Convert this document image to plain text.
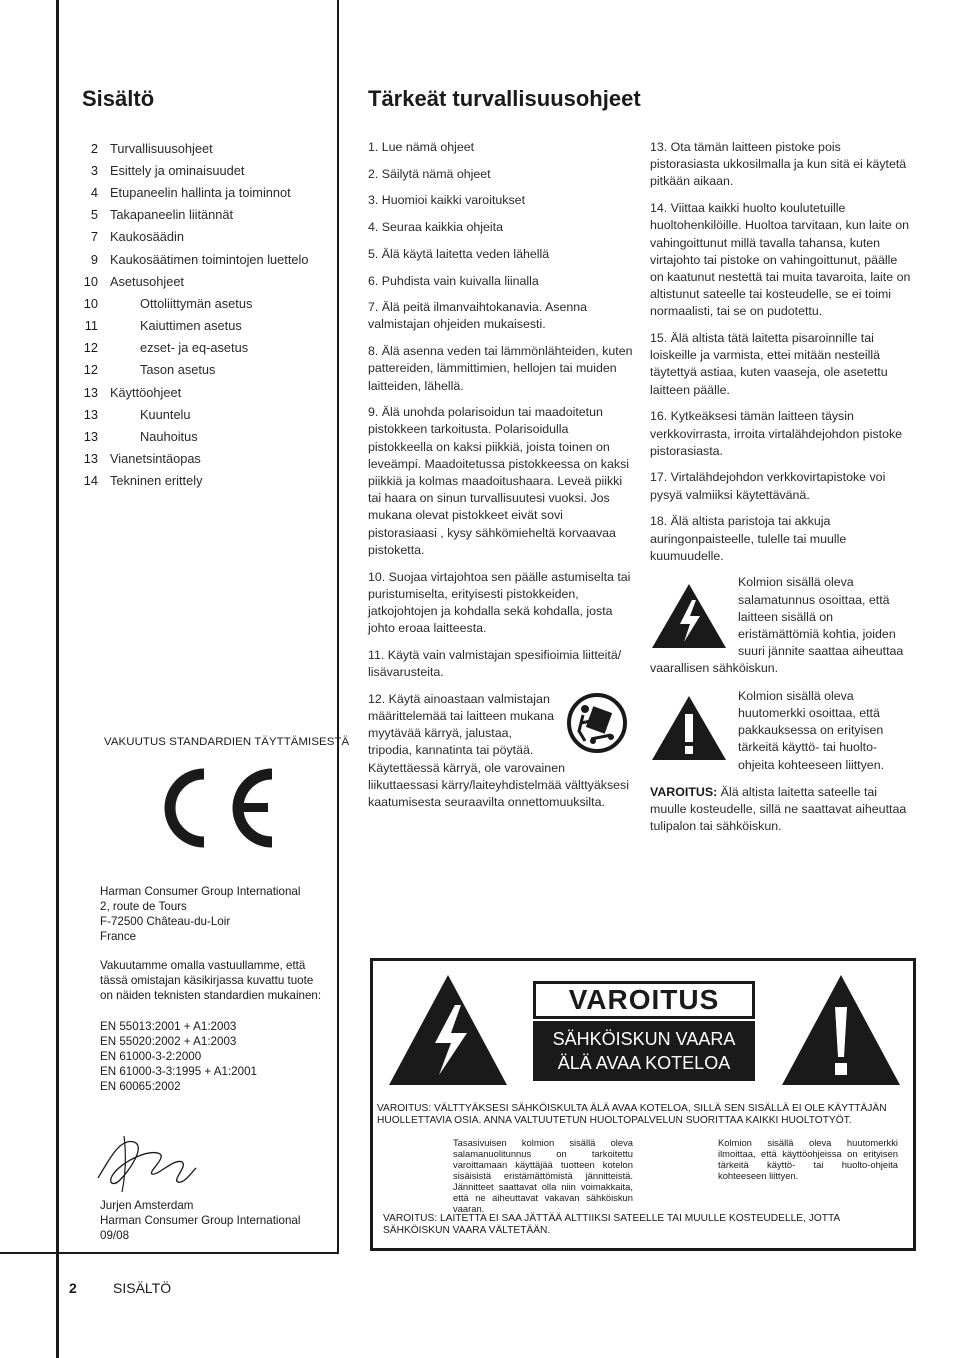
Sisältö	Tärkeät turvallisuusohjeet
2 Turvallisuusohjeet
3 Esittely ja ominaisuudet
4 Etupaneelin hallinta ja toiminnot
5 Takapaneelin liitännät
7 Kaukosäädin
9 Kaukosäätimen toimintojen luettelo
10 Asetusohjeet
10	Ottoliittymän asetus
11	Kaiuttimen asetus
12	ezset- ja eq-asetus
12	Tason asetus
13 Käyttöohjeet
13	Kuuntelu
13	Nauhoitus
13 Vianetsintäopas
14 Tekninen erittely
VAKUUTUS STANDARDIEN TÄYTTÄMISESTÄ
Harman Consumer Group International
2, route de Tours
F-72500 Château-du-Loir
France
Vakuutamme omalla vastuullamme, että
tässä omistajan käsikirjassa kuvattu tuote
on näiden teknisten standardien mukainen:
EN 55013:2001 + A1:2003
EN 55020:2002 + A1:2003
EN 61000-3-2:2000
EN 61000-3-3:1995 + A1:2001
EN 60065:2002
Jurjen Amsterdam
Harman Consumer Group International
09/08

1. Lue nämä ohjeet

2. Säilytä nämä ohjeet

3. Huomioi kaikki varoitukset

4. Seuraa kaikkia ohjeita

5. Älä käytä laitetta veden lähellä

6. Puhdista vain kuivalla liinalla

7. Älä peitä ilmanvaihtokanavia. Asenna valmistajan ohjeiden mukaisesti.

8. Älä asenna veden tai lämmönlähteiden, kuten pattereiden, lämmittimien, hellojen tai muiden laitteiden, lähellä.

9. Älä unohda polarisoidun tai maadoitetun pistokkeen tarkoitusta. Polarisoidulla pistokkeella on kaksi piikkiä, joista toinen on leveämpi. Maadoitetussa pistokkeessa on kaksi piikkiä ja kolmas maadoitushaara. Leveä piikki tai haara on sinun turvallisuutesi vuoksi. Jos mukana olevat pistokkeet eivät sovi pistorasiaasi , kysy sähkömieheltä korvaavaa pistoketta.

10. Suojaa virtajohtoa sen päälle astumiselta tai puristumiselta, erityisesti pistokkeiden, jatkojohtojen ja kohdalla sekä kohdalla, josta johto eroaa laitteesta.

11. Käytä vain valmistajan spesifioimia liitteitä/ lisävarusteita.

12. Käytä ainoastaan valmistajan määrittelemää tai laitteen mukana myytävää kärryä, jalustaa, tripodia, kannatinta tai pöytää. Käytettäessä kärryä, ole varovainen liikuttaessasi kärry/laiteyhdistelmää välttyäksesi kaatumisesta seuraavilta onnettomuuksilta.

13. Ota tämän laitteen pistoke pois pistorasiasta ukkosilmalla ja kun sitä ei käytetä pitkään aikaan.

14. Viittaa kaikki huolto koulutetuille huoltohenkilöille. Huoltoa tarvitaan, kun laite on vahingoittunut millä tavalla tahansa, kuten virtajohto tai pistoke on vahingoittunut, päälle on kaatunut nestettä tai muita tavaroita, laite on altistunut sateelle tai kosteudelle, se ei toimi normaalisti, tai se on pudotettu.

15. Älä altista tätä laitetta pisaroinnille tai loiskeille ja varmista, ettei mitään nesteillä täytettyä astiaa, kuten vaaseja, ole asetettu laitteen päälle.

16. Kytkeäksesi tämän laitteen täysin verkkovirrasta, irroita virtalähdejohdon pistoke pistorasiasta.

17. Virtalähdejohdon verkkovirtapistoke voi pysyä valmiiksi käytettävänä.

18. Älä altista paristoja tai akkuja auringonpaisteelle, tulelle tai muulle kuumuudelle.

Kolmion sisällä oleva salamatunnus osoittaa, että laitteen sisällä on eristämättömiä kohtia, joiden suuri jännite saattaa aiheuttaa vaarallisen sähköiskun.
Kolmion sisällä oleva huutomerkki osoittaa, että pakkauksessa on erityisen tärkeitä käyttö- tai huolto-ohjeita kohteeseen liittyen.

VAROITUS: Älä altista laitetta sateelle tai muulle kosteudelle, sillä ne saattavat aiheuttaa tulipalon tai sähköiskun.

VAROITUS
SÄHKÖISKUN VAARA
ÄLÄ AVAA KOTELOA
VAROITUS: VÄLTTYÄKSESI SÄHKÖISKULTA ÄLÄ AVAA KOTELOA, SILLÄ SEN SISÄLLÄ EI OLE KÄYTTÄJÄN HUOLLETTAVIA OSIA. ANNA VALTUUTETUN HUOLTOPALVELUN SUORITTAA KAIKKI HUOLTOTYÖT.
Tasasivuisen kolmion sisällä oleva salamanuolitunnus on tarkoitettu varoittamaan käyttäjää tuotteen kotelon sisäisistä eristämättömistä jännitteistä. Jännitteet saattavat olla niin voimakkaita, että ne aiheuttavat vakavan sähköiskun vaaran.
Kolmion sisällä oleva huutomerkki ilmoittaa, että käyttöohjeissa on erityisen tärkeitä käyttö- tai huolto-ohjeita kohteeseen liittyen.
VAROITUS: LAITETTA EI SAA JÄTTÄÄ ALTTIIKSI SATEELLE TAI MUULLE KOSTEUDELLE, JOTTA SÄHKÖISKUN VAARA VÄLTETÄÄN.
2	SISÄLTÖ
